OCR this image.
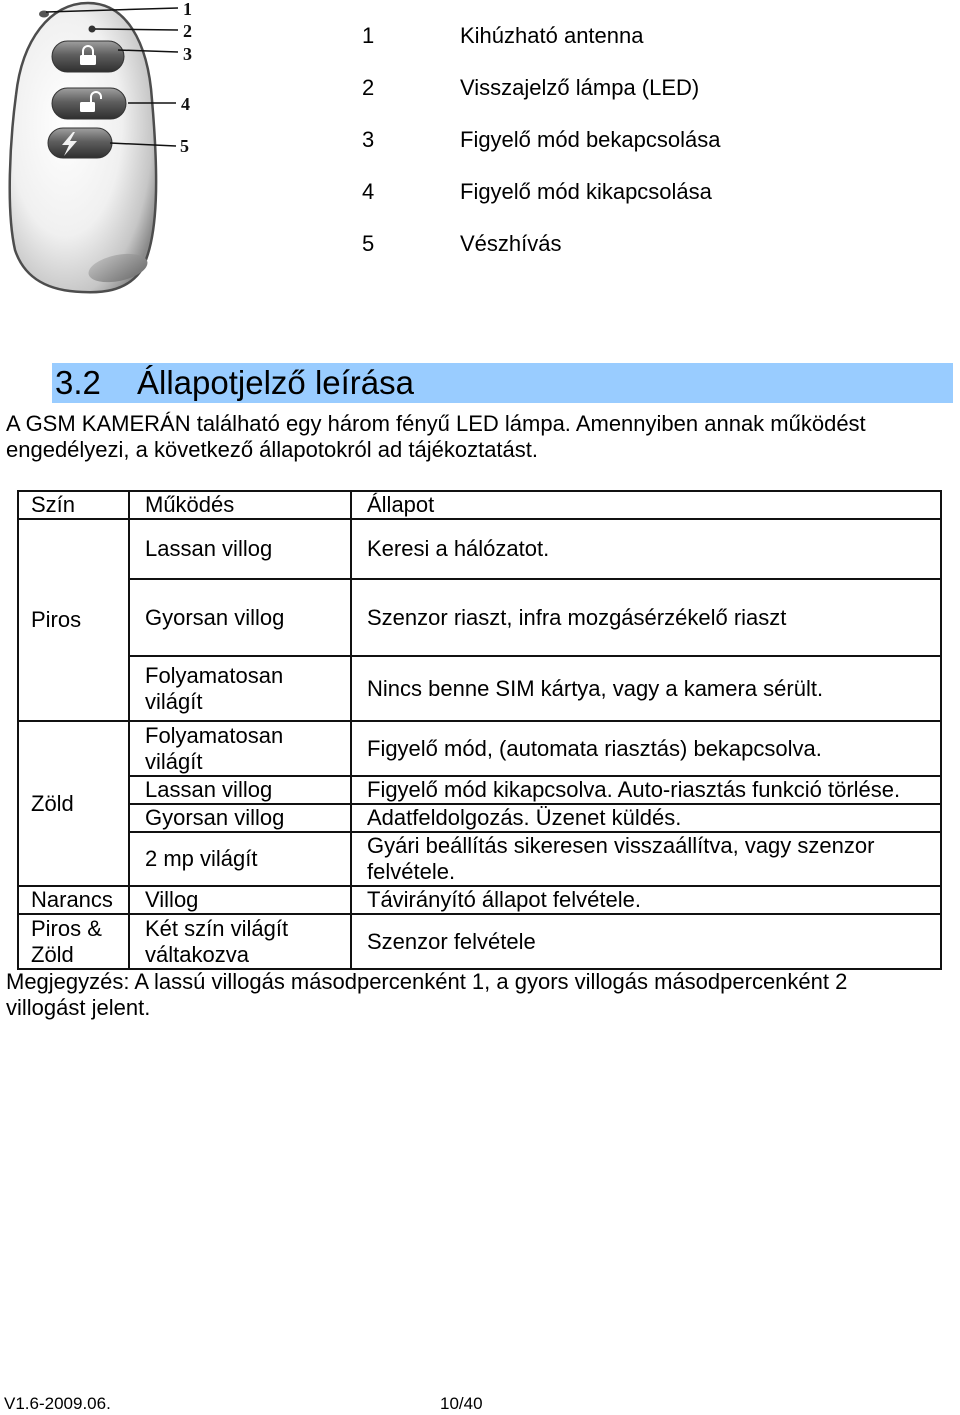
1
2
3
4
5
1	Kihúzható antenna
2	Visszajelző lámpa (LED)
3	Figyelő mód bekapcsolása
4	Figyelő mód kikapcsolása
5	Vészhívás
3.2 Állapotjelző leírása
A GSM KAMERÁN található egy három fényű LED lámpa. Amennyiben annak működést engedélyezi, a következő állapotokról ad tájékoztatást.
Szín	Működés	Állapot
Piros	Lassan villog	Keresi a hálózatot.
	Gyorsan villog	Szenzor riaszt, infra mozgásérzékelő riaszt
	Folyamatosan világít	Nincs benne SIM kártya, vagy a kamera sérült.
Zöld	Folyamatosan világít	Figyelő mód, (automata riasztás) bekapcsolva.
	Lassan villog	Figyelő mód kikapcsolva. Auto-riasztás funkció törlése.
	Gyorsan villog	Adatfeldolgozás. Üzenet küldés.
	2 mp világít	Gyári beállítás sikeresen visszaállítva, vagy szenzor felvétele.
Narancs	Villog	Távirányító állapot felvétele.
Piros & Zöld	Két szín világít váltakozva	Szenzor felvétele
Megjegyzés: A lassú villogás másodpercenként 1, a gyors villogás másodpercenként 2 villogást jelent.
V1.6-2009.06.	10/40
